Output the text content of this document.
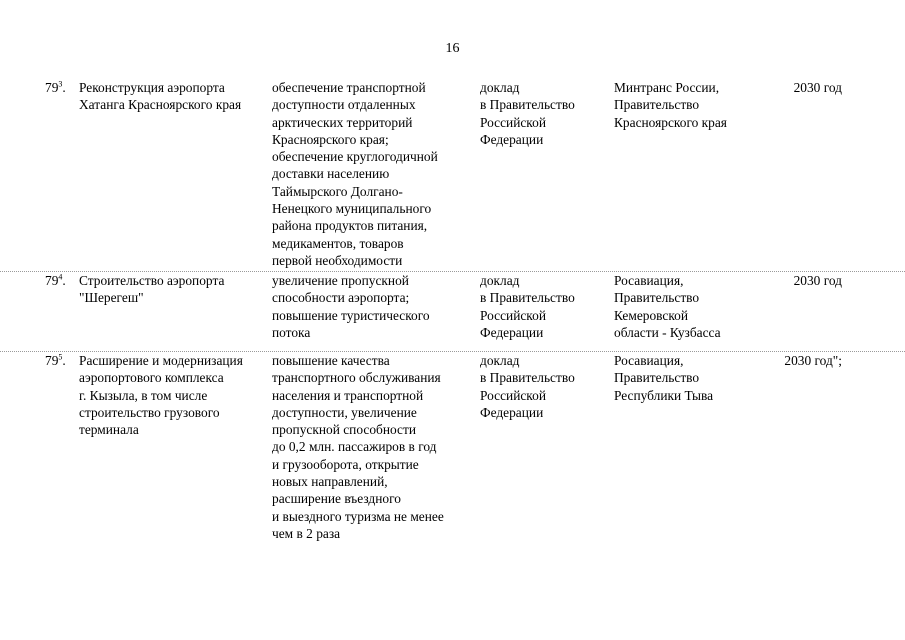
16
$79^3$. Реконструкция аэропорта
Хатанга Красноярского края
обеспечение транспортной
доступности отдаленных
арктических территорий
Красноярского края;
обеспечение круглогодичной
доставки населению
Таймырского Долгано-
Ненецкого муниципального
района продуктов питания,
медикаментов, товаров
первой необходимости
доклад
в Правительство
Российской
Федерации
Минтранс России,
Правительство
Красноярского края
2030 год
$79^4$. Строительство аэропорта
"Шерегеш"
увеличение пропускной
способности аэропорта;
повышение туристического
потока
доклад
в Правительство
Российской
Федерации
Росавиация,
Правительство
Кемеровской
области - Кузбасса
2030 год
$79^5$. Расширение и модернизация
аэропортового комплекса
г. Кызыла, в том числе
строительство грузового
терминала
повышение качества
транспортного обслуживания
населения и транспортной
доступности, увеличение
пропускной способности
до 0,2 млн. пассажиров в год
и грузооборота, открытие
новых направлений,
расширение въездного
и выездного туризма не менее
чем в 2 раза
доклад
в Правительство
Российской
Федерации
Росавиация,
Правительство
Республики Тыва
2030 год";
